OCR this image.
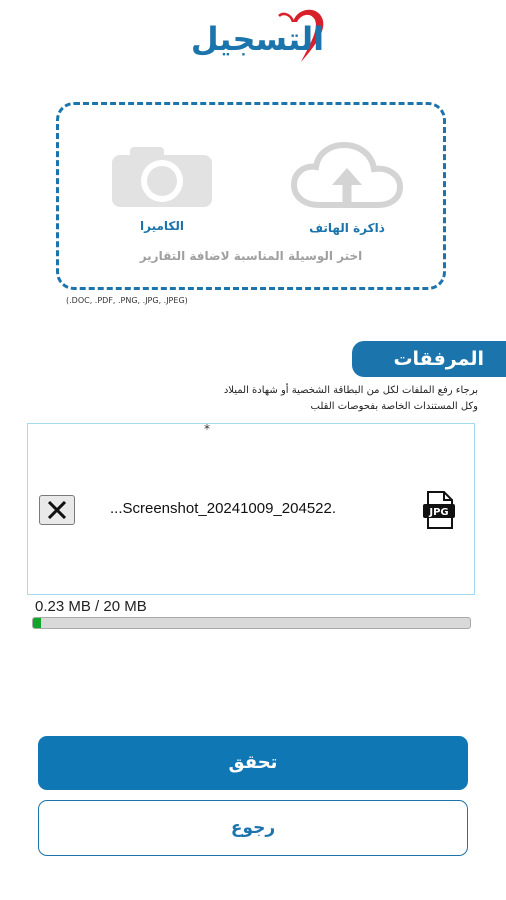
التسجيل
الكاميرا	ذاكرة الهاتف
اختر الوسيلة المناسبة لاضافة التقارير
(.DOC, .PDF, .PNG, .JPG, .JPEG)
المرفقات
برجاء رفع الملفات لكل من البطاقة الشخصية أو شهادة الميلاد
وكل المستندات الخاصة بفحوصات القلب
*
...Screenshot_20241009_204522.	JPG
0.23 MB / 20 MB
تحقق
رجوع
